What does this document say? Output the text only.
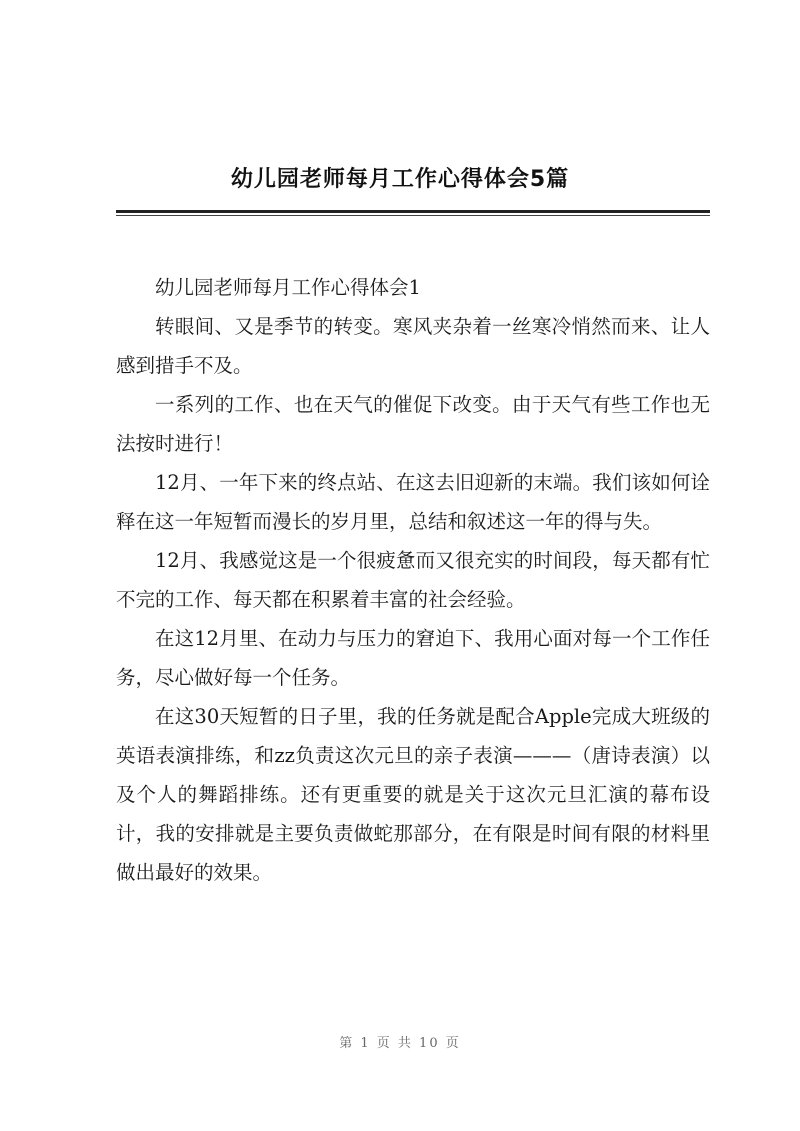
幼儿园老师每月工作心得体会5篇

幼儿园老师每月工作心得体会1

转眼间、又是季节的转变。寒风夹杂着一丝寒冷悄然而来、让人感到措手不及。

一系列的工作、也在天气的催促下改变。由于天气有些工作也无法按时进行！

12月、一年下来的终点站、在这去旧迎新的末端。我们该如何诠释在这一年短暂而漫长的岁月里，总结和叙述这一年的得与失。

12月、我感觉这是一个很疲惫而又很充实的时间段，每天都有忙不完的工作、每天都在积累着丰富的社会经验。

在这12月里、在动力与压力的窘迫下、我用心面对每一个工作任务，尽心做好每一个任务。

在这30天短暂的日子里，我的任务就是配合Apple完成大班级的英语表演排练，和zz负责这次元旦的亲子表演———（唐诗表演）以及个人的舞蹈排练。还有更重要的就是关于这次元旦汇演的幕布设计，我的安排就是主要负责做蛇那部分，在有限是时间有限的材料里做出最好的效果。

第 1 页 共 10 页
